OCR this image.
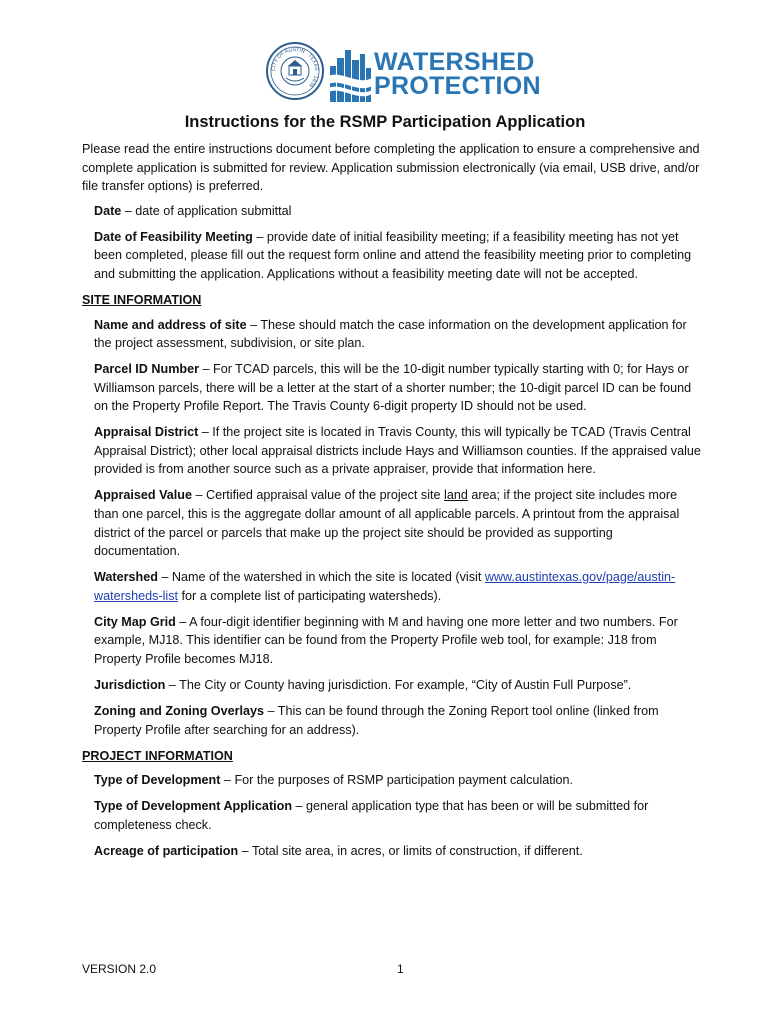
CITY OF AUSTIN · TEXAS · 1839
WATERSHED
PROTECTION
Instructions for the RSMP Participation Application

Please read the entire instructions document before completing the application to ensure a comprehensive and complete application is submitted for review. Application submission electronically (via email, USB drive, and/or file transfer options) is preferred.

Date – date of application submittal

Date of Feasibility Meeting – provide date of initial feasibility meeting; if a feasibility meeting has not yet been completed, please fill out the request form online and attend the feasibility meeting prior to completing and submitting the application. Applications without a feasibility meeting date will not be accepted.

SITE INFORMATION

Name and address of site – These should match the case information on the development application for the project assessment, subdivision, or site plan.

Parcel ID Number – For TCAD parcels, this will be the 10-digit number typically starting with 0; for Hays or Williamson parcels, there will be a letter at the start of a shorter number; the 10-digit parcel ID can be found on the Property Profile Report. The Travis County 6-digit property ID should not be used.

Appraisal District – If the project site is located in Travis County, this will typically be TCAD (Travis Central Appraisal District); other local appraisal districts include Hays and Williamson counties. If the appraised value provided is from another source such as a private appraiser, provide that information here.

Appraised Value – Certified appraisal value of the project site land area; if the project site includes more than one parcel, this is the aggregate dollar amount of all applicable parcels. A printout from the appraisal district of the parcel or parcels that make up the project site should be provided as supporting documentation.

Watershed – Name of the watershed in which the site is located (visit www.austintexas.gov/page/austin-watersheds-list for a complete list of participating watersheds).

City Map Grid – A four-digit identifier beginning with M and having one more letter and two numbers. For example, MJ18. This identifier can be found from the Property Profile web tool, for example: J18 from Property Profile becomes MJ18.

Jurisdiction – The City or County having jurisdiction. For example, “City of Austin Full Purpose”.

Zoning and Zoning Overlays – This can be found through the Zoning Report tool online (linked from Property Profile after searching for an address).

PROJECT INFORMATION

Type of Development – For the purposes of RSMP participation payment calculation.

Type of Development Application – general application type that has been or will be submitted for completeness check.

Acreage of participation – Total site area, in acres, or limits of construction, if different.

VERSION 2.0	1
